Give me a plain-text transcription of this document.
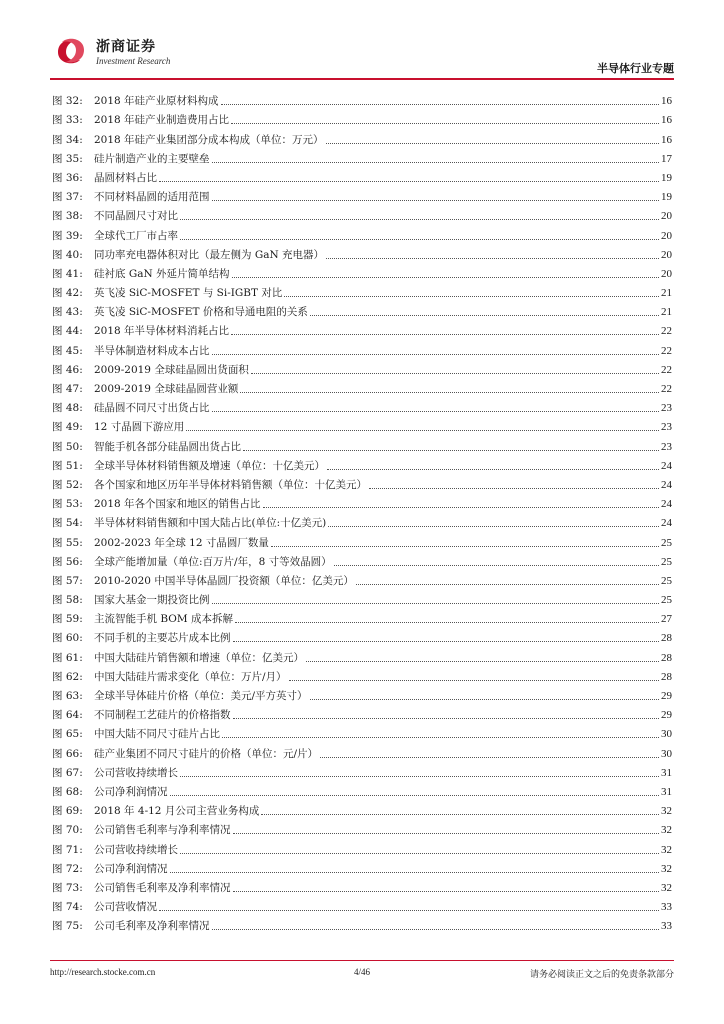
浙商证券
Investment Research
半导体行业专题
图 32:	2018 年硅产业原材料构成	16
图 33:	2018 年硅产业制造费用占比	16
图 34:	2018 年硅产业集团部分成本构成（单位：万元）	16
图 35:	硅片制造产业的主要壁垒	17
图 36:	晶圆材料占比	19
图 37:	不同材料晶圆的适用范围	19
图 38:	不同晶圆尺寸对比	20
图 39:	全球代工厂市占率	20
图 40:	同功率充电器体积对比（最左侧为 GaN 充电器）	20
图 41:	硅衬底 GaN 外延片简单结构	20
图 42:	英飞凌 SiC-MOSFET 与 Si-IGBT 对比	21
图 43:	英飞凌 SiC-MOSFET 价格和导通电阻的关系	21
图 44:	2018 年半导体材料消耗占比	22
图 45:	半导体制造材料成本占比	22
图 46:	2009-2019 全球硅晶圆出货面积	22
图 47:	2009-2019 全球硅晶圆营业额	22
图 48:	硅晶圆不同尺寸出货占比	23
图 49:	12 寸晶圆下游应用	23
图 50:	智能手机各部分硅晶圆出货占比	23
图 51:	全球半导体材料销售额及增速（单位：十亿美元）	24
图 52:	各个国家和地区历年半导体材料销售额（单位：十亿美元）	24
图 53:	2018 年各个国家和地区的销售占比	24
图 54:	半导体材料销售额和中国大陆占比(单位:十亿美元)	24
图 55:	2002-2023 年全球 12 寸晶圆厂数量	25
图 56:	全球产能增加量（单位:百万片/年，8 寸等效晶圆）	25
图 57:	2010-2020 中国半导体晶圆厂投资额（单位：亿美元）	25
图 58:	国家大基金一期投资比例	25
图 59:	主流智能手机 BOM 成本拆解	27
图 60:	不同手机的主要芯片成本比例	28
图 61:	中国大陆硅片销售额和增速（单位：亿美元）	28
图 62:	中国大陆硅片需求变化（单位：万片/月）	28
图 63:	全球半导体硅片价格（单位：美元/平方英寸）	29
图 64:	不同制程工艺硅片的价格指数	29
图 65:	中国大陆不同尺寸硅片占比	30
图 66:	硅产业集团不同尺寸硅片的价格（单位：元/片）	30
图 67:	公司营收持续增长	31
图 68:	公司净利润情况	31
图 69:	2018 年 4-12 月公司主营业务构成	32
图 70:	公司销售毛利率与净利率情况	32
图 71:	公司营收持续增长	32
图 72:	公司净利润情况	32
图 73:	公司销售毛利率及净利率情况	32
图 74:	公司营收情况	33
图 75:	公司毛利率及净利率情况	33
http://research.stocke.com.cn	4/46	请务必阅读正文之后的免责条款部分
